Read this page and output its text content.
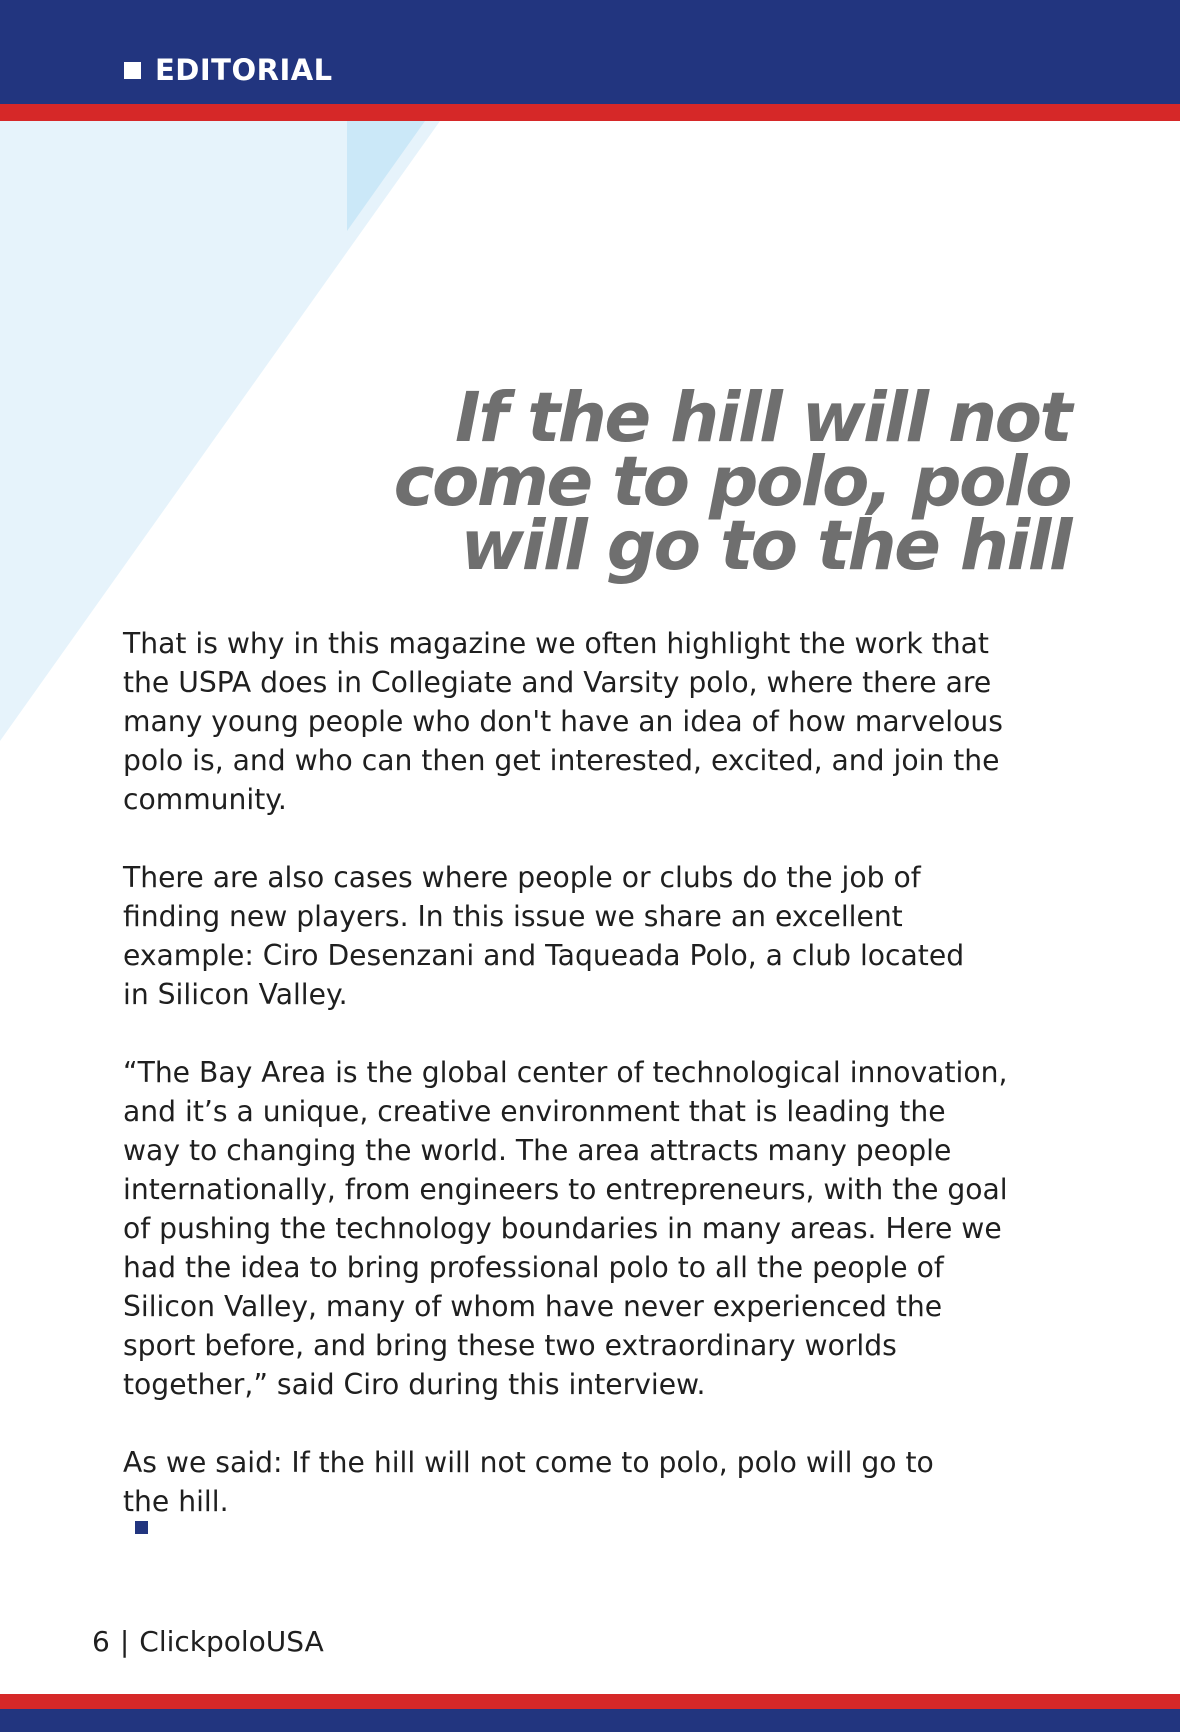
EDITORIAL
If the hill will not
come to polo, polo
will go to the hill

That is why in this magazine we often highlight the work that
the USPA does in Collegiate and Varsity polo, where there are
many young people who don't have an idea of how marvelous
polo is, and who can then get interested, excited, and join the
community.

There are also cases where people or clubs do the job of
finding new players. In this issue we share an excellent
example: Ciro Desenzani and Taqueada Polo, a club located
in Silicon Valley.

“The Bay Area is the global center of technological innovation,
and it’s a unique, creative environment that is leading the
way to changing the world. The area attracts many people
internationally, from engineers to entrepreneurs, with the goal
of pushing the technology boundaries in many areas. Here we
had the idea to bring professional polo to all the people of
Silicon Valley, many of whom have never experienced the
sport before, and bring these two extraordinary worlds
together,” said Ciro during this interview.

As we said: If the hill will not come to polo, polo will go to
the hill.

6 | ClickpoloUSA
